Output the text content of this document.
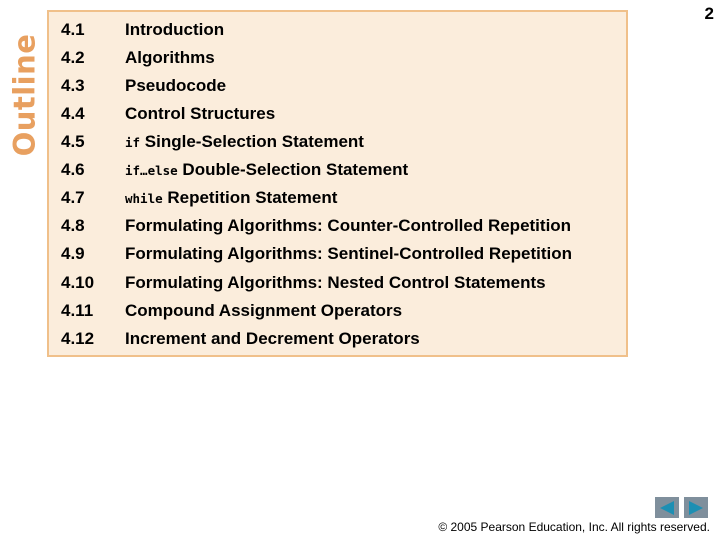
Outline
2
4.1	Introduction
4.2	Algorithms
4.3	Pseudocode
4.4	Control Structures
4.5	if Single-Selection Statement
4.6	if…else Double-Selection Statement
4.7	while Repetition Statement
4.8	Formulating Algorithms: Counter-Controlled Repetition
4.9	Formulating Algorithms: Sentinel-Controlled Repetition
4.10	Formulating Algorithms: Nested Control Statements
4.11	Compound Assignment Operators
4.12	Increment and Decrement Operators
© 2005 Pearson Education, Inc. All rights reserved.
